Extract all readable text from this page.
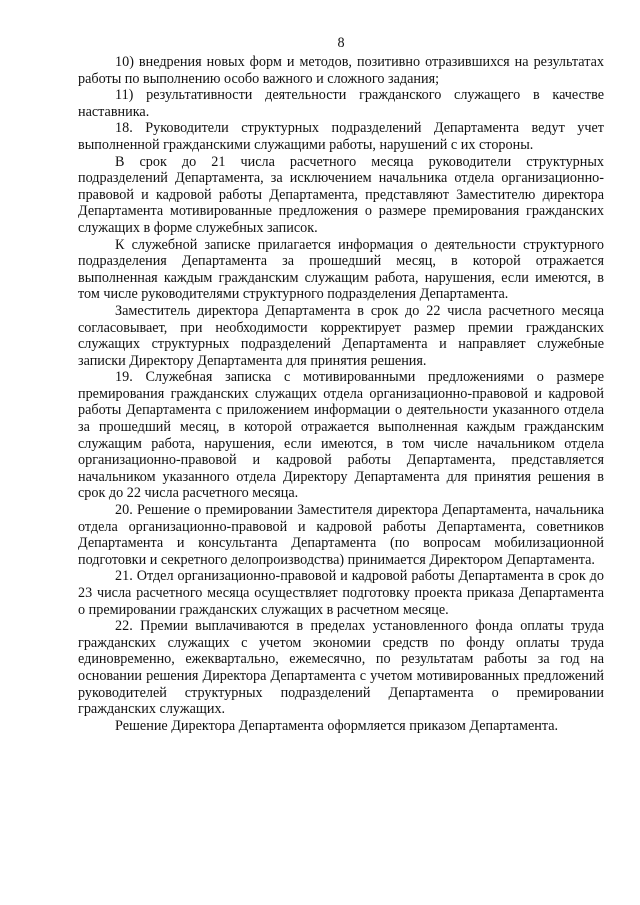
8

10) внедрения новых форм и методов, позитивно отразившихся на результатах работы по выполнению особо важного и сложного задания;

11) результативности деятельности гражданского служащего в качестве наставника.

18. Руководители структурных подразделений Департамента ведут учет выполненной гражданскими служащими работы, нарушений с их стороны.

В срок до 21 числа расчетного месяца руководители структурных подразделений Департамента, за исключением начальника отдела организационно-правовой и кадровой работы Департамента, представляют Заместителю директора Департамента мотивированные предложения о размере премирования гражданских служащих в форме служебных записок.

К служебной записке прилагается информация о деятельности структурного подразделения Департамента за прошедший месяц, в которой отражается выполненная каждым гражданским служащим работа, нарушения, если имеются, в том числе руководителями структурного подразделения Департамента.

Заместитель директора Департамента в срок до 22 числа расчетного месяца согласовывает, при необходимости корректирует размер премии гражданских служащих структурных подразделений Департамента и направляет служебные записки Директору Департамента для принятия решения.

19. Служебная записка с мотивированными предложениями о размере премирования гражданских служащих отдела организационно-правовой и кадровой работы Департамента с приложением информации о деятельности указанного отдела за прошедший месяц, в которой отражается выполненная каждым гражданским служащим работа, нарушения, если имеются, в том числе начальником отдела организационно-правовой и кадровой работы Департамента, представляется начальником указанного отдела Директору Департамента для принятия решения в срок до 22 числа расчетного месяца.

20. Решение о премировании Заместителя директора Департамента, начальника отдела организационно-правовой и кадровой работы Департамента, советников Департамента и консультанта Департамента (по вопросам мобилизационной подготовки и секретного делопроизводства) принимается Директором Департамента.

21. Отдел организационно-правовой и кадровой работы Департамента в срок до 23 числа расчетного месяца осуществляет подготовку проекта приказа Департамента о премировании гражданских служащих в расчетном месяце.

22. Премии выплачиваются в пределах установленного фонда оплаты труда гражданских служащих с учетом экономии средств по фонду оплаты труда единовременно, ежеквартально, ежемесячно, по результатам работы за год на основании решения Директора Департамента с учетом мотивированных предложений руководителей структурных подразделений Департамента о премировании гражданских служащих.

Решение Директора Департамента оформляется приказом Департамента.
